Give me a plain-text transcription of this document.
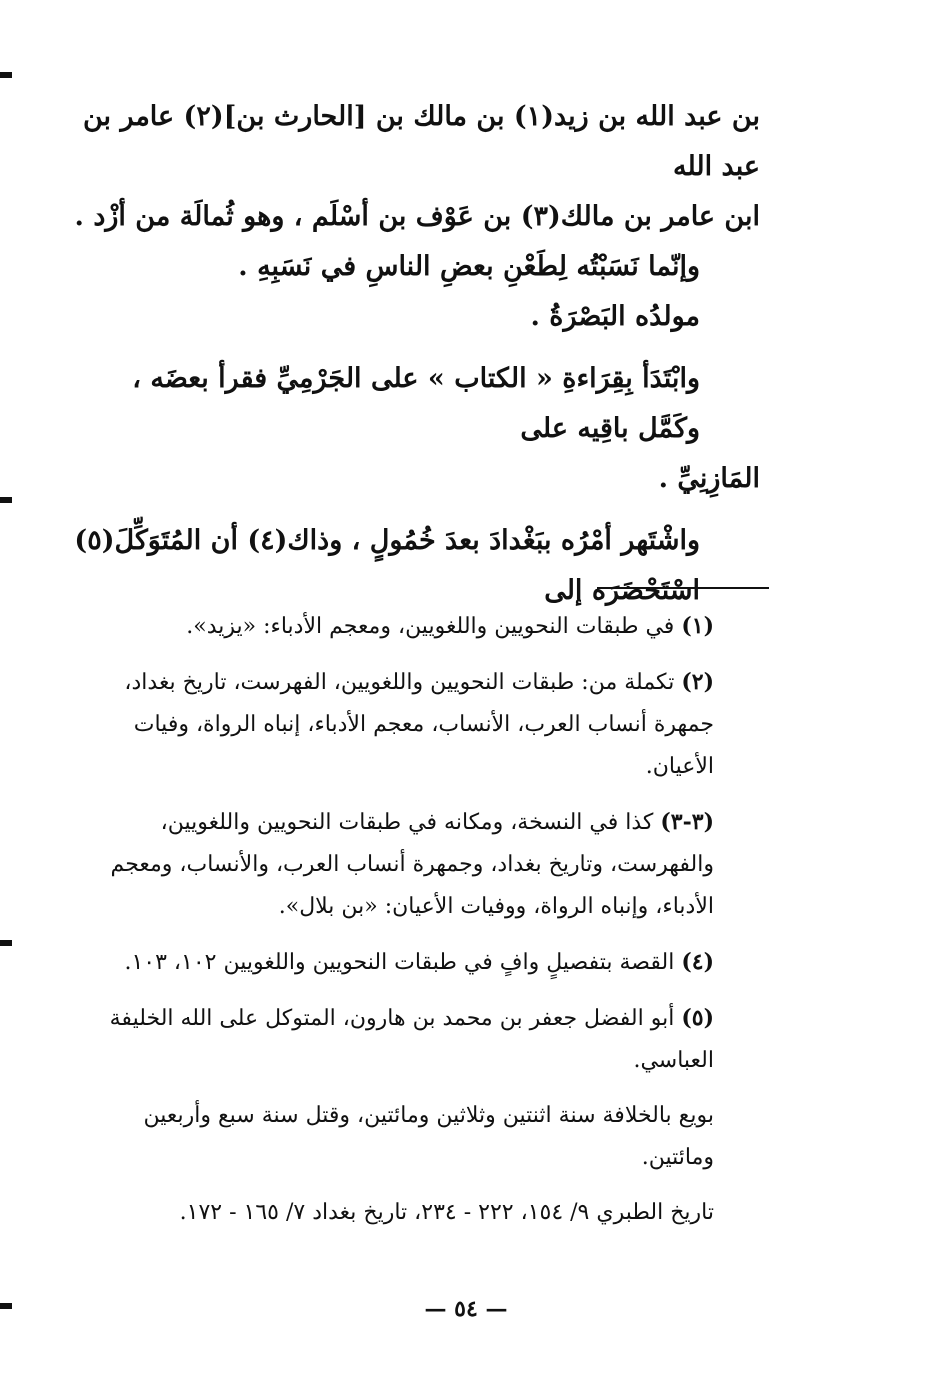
بن عبد الله بن زيد(١) بن مالك بن [الحارث بن](٢) عامر بن عبد الله

ابن عامر بن مالك(٣) بن عَوْف بن أسْلَم ، وهو ثُمالَة من أزْد .

وإنّما نَسَبْتُه لِطَعْنِ بعضِ الناسِ في نَسَبِهِ .

مولدُه البَصْرَةُ .

وابْتَدَأ بِقِرَاءةِ « الكتاب » على الجَرْمِيِّ فقرأ بعضَه ، وكَمَّل باقِيه على

المَازِنِيِّ .

واشْتَهر أمْرُه ببَغْدادَ بعدَ خُمُولٍ ، وذاك(٤) أن المُتَوَكِّلَ(٥) اسْتَحْضَرَه إلى

(١) في طبقات النحويين واللغويين، ومعجم الأدباء: «يزيد».

(٢) تكملة من: طبقات النحويين واللغويين، الفهرست، تاريخ بغداد، جمهرة أنساب العرب، الأنساب، معجم الأدباء، إنباه الرواة، وفيات الأعيان.

(٣-٣) كذا في النسخة، ومكانه في طبقات النحويين واللغويين، والفهرست، وتاريخ بغداد، وجمهرة أنساب العرب، والأنساب، ومعجم الأدباء، وإنباه الرواة، ووفيات الأعيان: «بن بلال».

(٤) القصة بتفصيلٍ وافٍ في طبقات النحويين واللغويين ١٠٢، ١٠٣.

(٥) أبو الفضل جعفر بن محمد بن هارون، المتوكل على الله الخليفة العباسي.

بويع بالخلافة سنة اثنتين وثلاثين ومائتين، وقتل سنة سبع وأربعين ومائتين.

تاريخ الطبري ٩/ ١٥٤، ٢٢٢ - ٢٣٤، تاريخ بغداد ٧/ ١٦٥ - ١٧٢.

— ٥٤ —
